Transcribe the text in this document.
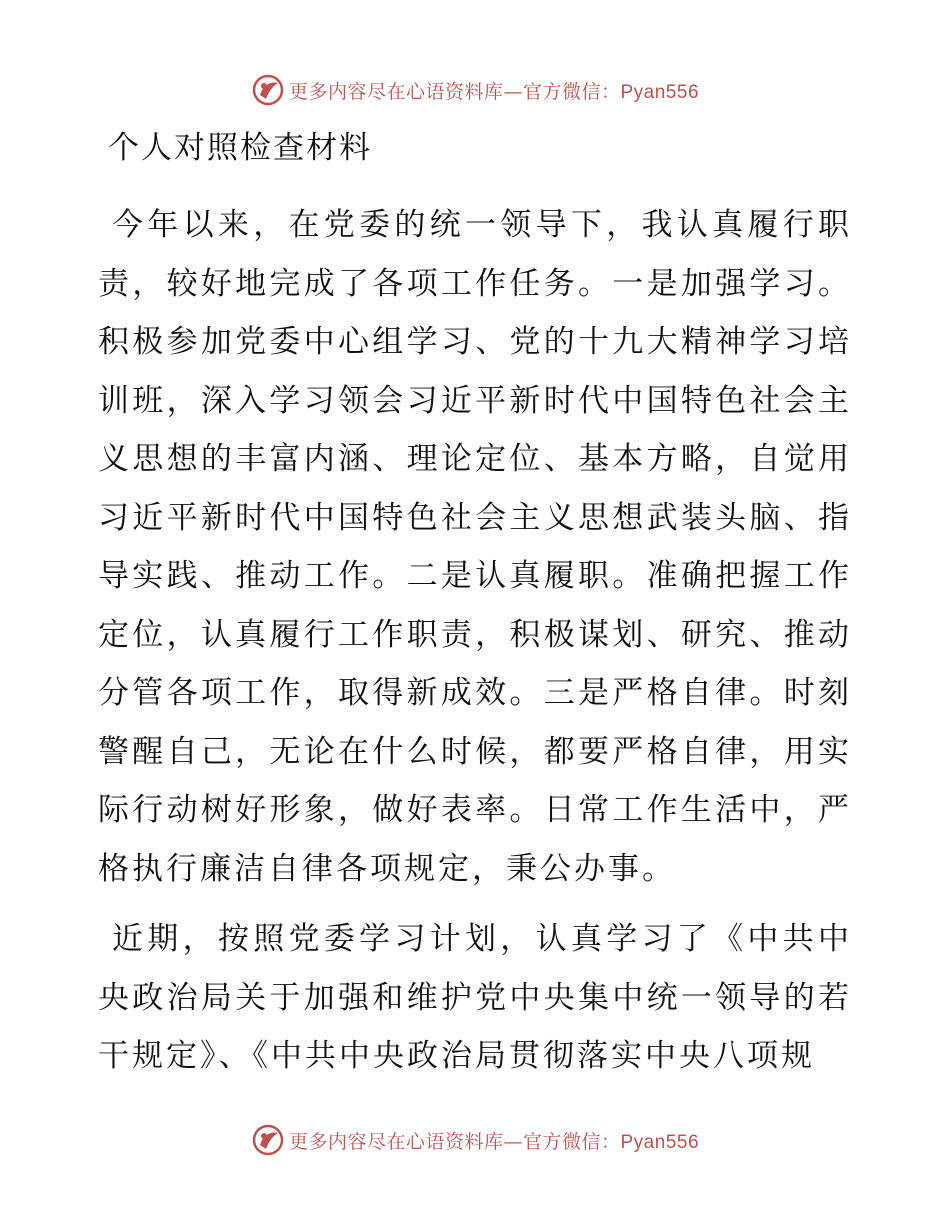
更多内容尽在心语资料库—官方微信：Pyan556
个人对照检查材料

今年以来，在党委的统一领导下，我认真履行职责，较好地完成了各项工作任务。一是加强学习。积极参加党委中心组学习、党的十九大精神学习培训班，深入学习领会习近平新时代中国特色社会主义思想的丰富内涵、理论定位、基本方略，自觉用习近平新时代中国特色社会主义思想武装头脑、指导实践、推动工作。二是认真履职。准确把握工作定位，认真履行工作职责，积极谋划、研究、推动分管各项工作，取得新成效。三是严格自律。时刻警醒自己，无论在什么时候，都要严格自律，用实际行动树好形象，做好表率。日常工作生活中，严格执行廉洁自律各项规定，秉公办事。

近期，按照党委学习计划，认真学习了《中共中央政治局关于加强和维护党中央集中统一领导的若干规定》、《中共中央政治局贯彻落实中央八项规

更多内容尽在心语资料库—官方微信：Pyan556
